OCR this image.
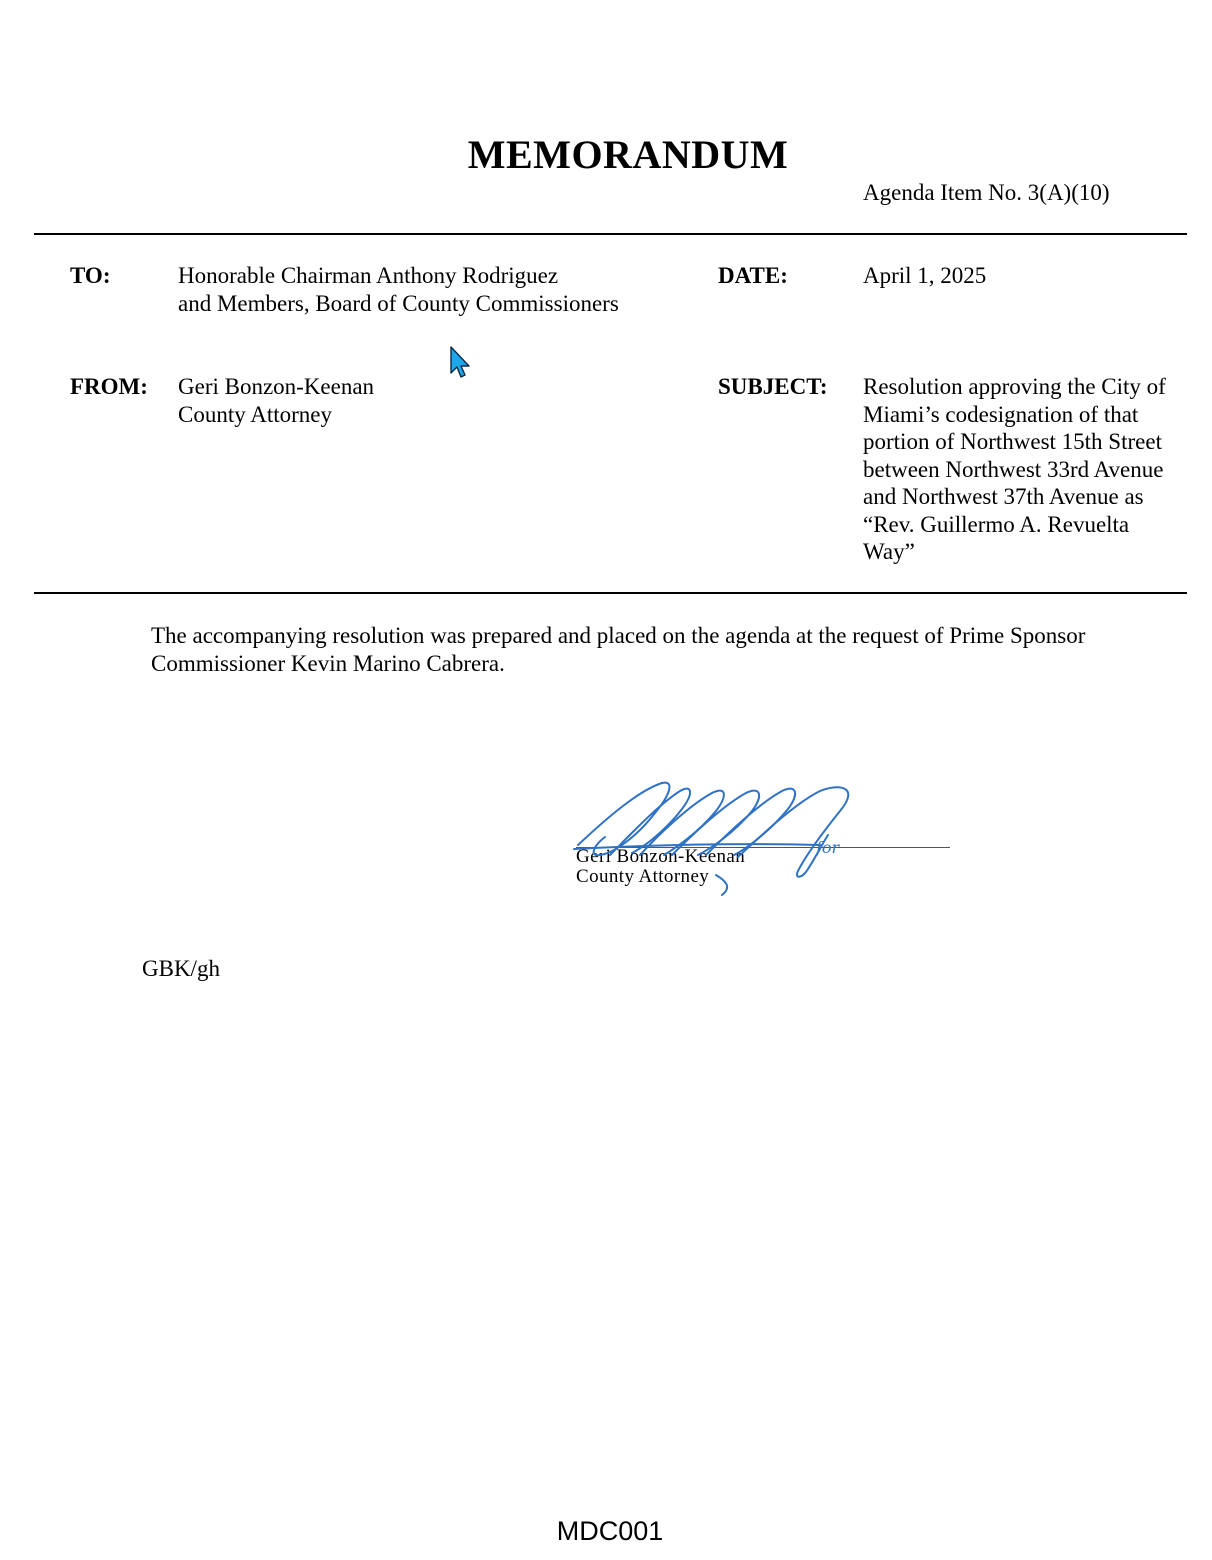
MEMORANDUM
Agenda Item No. 3(A)(10)
TO:	Honorable Chairman Anthony Rodriguez
and Members, Board of County Commissioners
DATE:	April 1, 2025
FROM: Geri Bonzon-Keenan
County Attorney
SUBJECT: Resolution approving the City of
Miami’s codesignation of that
portion of Northwest 15th Street
between Northwest 33rd Avenue
and Northwest 37th Avenue as
“Rev. Guillermo A. Revuelta
Way”
The accompanying resolution was prepared and placed on the agenda at the request of Prime Sponsor
Commissioner Kevin Marino Cabrera.
Geri Bonzon-Keenan
County Attorney
for
GBK/gh
MDC001
